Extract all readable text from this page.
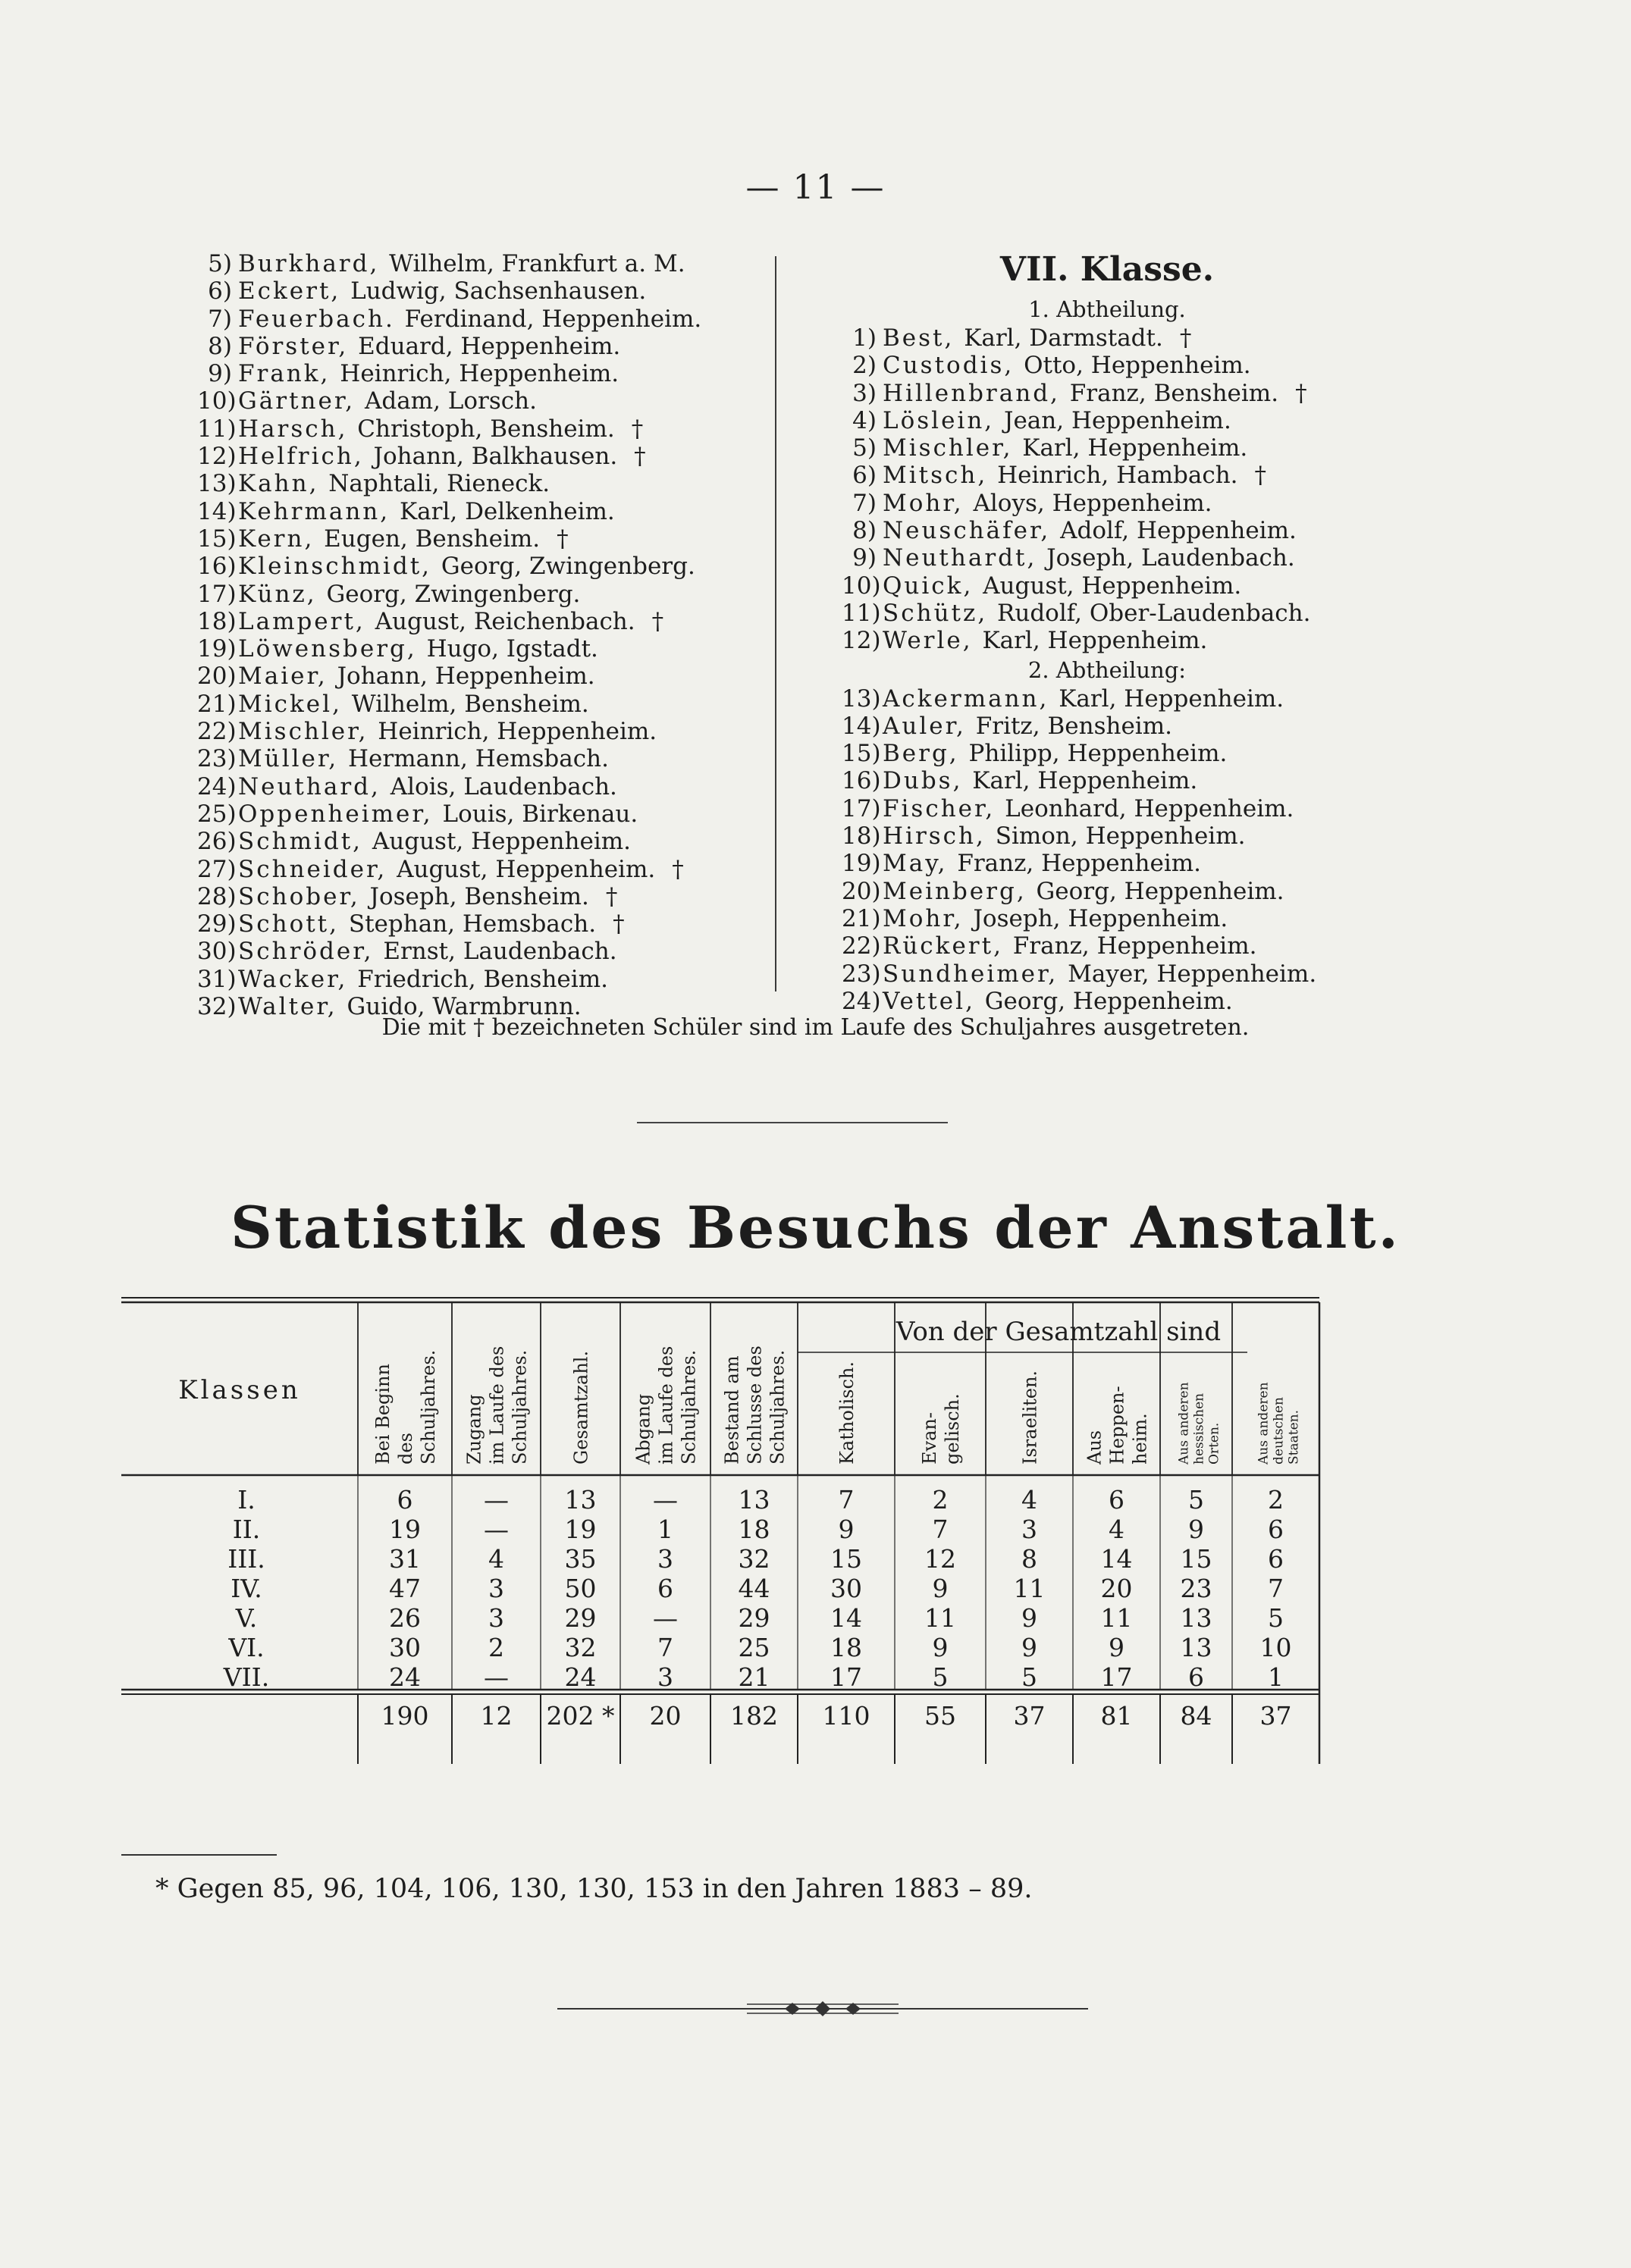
— 11 —
5) Burkhard, Wilhelm, Frankfurt a. M.
6) Eckert, Ludwig, Sachsenhausen.
7) Feuerbach. Ferdinand, Heppenheim.
8) Förster, Eduard, Heppenheim.
9) Frank, Heinrich, Heppenheim.
10)Gärtner, Adam, Lorsch.
11)Harsch, Christoph, Bensheim. †
12)Helfrich, Johann, Balkhausen. †
13)Kahn, Naphtali, Rieneck.
14)Kehrmann, Karl, Delkenheim.
15)Kern, Eugen, Bensheim. †
16)Kleinschmidt, Georg, Zwingenberg.
17)Künz, Georg, Zwingenberg.
18)Lampert, August, Reichenbach. †
19)Löwensberg, Hugo, Igstadt.
20)Maier, Johann, Heppenheim.
21)Mickel, Wilhelm, Bensheim.
22)Mischler, Heinrich, Heppenheim.
23)Müller, Hermann, Hemsbach.
24)Neuthard, Alois, Laudenbach.
25)Oppenheimer, Louis, Birkenau.
26)Schmidt, August, Heppenheim.
27)Schneider, August, Heppenheim. †
28)Schober, Joseph, Bensheim. †
29)Schott, Stephan, Hemsbach. †
30)Schröder, Ernst, Laudenbach.
31)Wacker, Friedrich, Bensheim.
32)Walter, Guido, Warmbrunn.
VII. Klasse.
1. Abtheilung.
1) Best, Karl, Darmstadt. †
2) Custodis, Otto, Heppenheim.
3) Hillenbrand, Franz, Bensheim. †
4) Löslein, Jean, Heppenheim.
5) Mischler, Karl, Heppenheim.
6) Mitsch, Heinrich, Hambach. †
7) Mohr, Aloys, Heppenheim.
8) Neuschäfer, Adolf, Heppenheim.
9) Neuthardt, Joseph, Laudenbach.
10)Quick, August, Heppenheim.
11)Schütz, Rudolf, Ober-Laudenbach.
12)Werle, Karl, Heppenheim.
2. Abtheilung:
13)Ackermann, Karl, Heppenheim.
14)Auler, Fritz, Bensheim.
15)Berg, Philipp, Heppenheim.
16)Dubs, Karl, Heppenheim.
17)Fischer, Leonhard, Heppenheim.
18)Hirsch, Simon, Heppenheim.
19)May, Franz, Heppenheim.
20)Meinberg, Georg, Heppenheim.
21)Mohr, Joseph, Heppenheim.
22)Rückert, Franz, Heppenheim.
23)Sundheimer, Mayer, Heppenheim.
24)Vettel, Georg, Heppenheim.
Die mit † bezeichneten Schüler sind im Laufe des Schuljahres ausgetreten.
Statistik des Besuchs der Anstalt.
Klassen
Von der Gesamtzahl sind
Bei Beginn des Schuljahres. Zugang im Laufe des Schuljahres. Gesamtzahl. Abgang im Laufe des Schuljahres. Bestand am Schlusse des Schuljahres.	Katholisch.	Evan- gelisch.	Israeliten. Aus Heppen- heim. Aus anderen hessischen Orten.	Aus anderen deutschen Staaten.
I.	6	— 13 — 13	7	2	4	6	5	2
II.	19	— 19 1	18	9	7	3	4	9	6
III.	31	4 35 3	32 15 12	8	14 15 6
IV.	47	3 50 6	44 30	9	11 20 23 7
V.	26	3 29 — 29 14 11	9	11 13 5
VI.	30	2 32 7	25 18	9	9	9 13 10
VII.	24	— 24 3	21 17	5	5	17 6	1
190 12 202 * 20 182 110 55 37 81 84 37
* Gegen 85, 96, 104, 106, 130, 130, 153 in den Jahren 1883 – 89.
